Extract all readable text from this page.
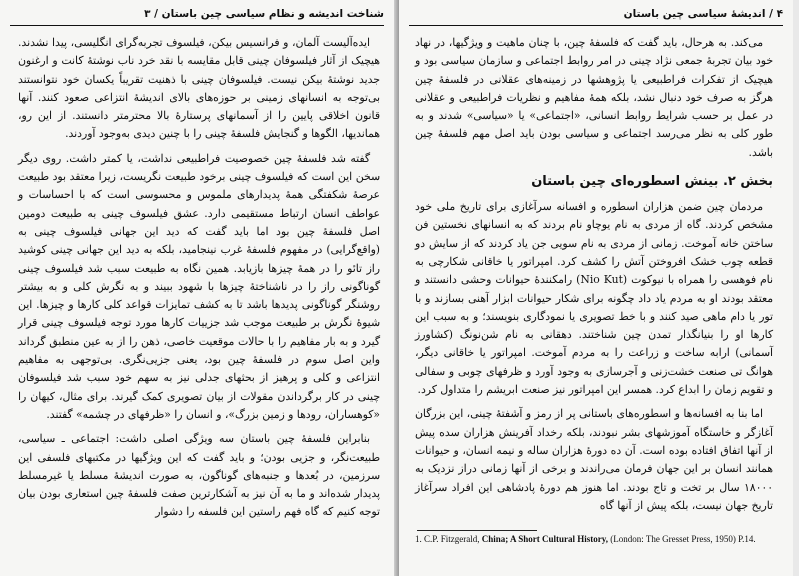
شناخت اندیشه و نظام سیاسی چین باستان / ۳

ایده‌آلیست آلمان، و فرانسیس بیکن، فیلسوف تجربه‌گرای انگلیسی، پیدا نشدند. هیچیک از آثار فیلسوفان چینی قابل مقایسه با نقد خرد ناب نوشتهٔ کانت و ارغنون جدید نوشتهٔ بیکن نیست. فیلسوفان چینی با ذهنیت تقریباً یکسان خود نتوانستند بی‌توجه به انسانهای زمینی بر حوزه‌های بالای اندیشهٔ انتزاعی صعود کنند. آنها قانون اخلاقی پایین را از آسمانهای پرستارهٔ بالا محترمتر دانستند. از این رو، هماندیها، الگوها و گنجایش فلسفهٔ چینی را با چنین دیدی به‌وجود آوردند.

گفته شد فلسفهٔ چین خصوصیت فراطبیعی نداشت، یا کمتر داشت. روی دیگر سخن این است که فیلسوف چینی برخود طبیعت نگریست، زیرا معتقد بود طبیعت عرصهٔ شکفتگی همهٔ پدیدارهای ملموس و محسوسی است که با احساسات و عواطف انسان ارتباط مستقیمی دارد. عشق فیلسوف چینی به طبیعت دومین اصل فلسفهٔ چین بود اما باید گفت که دید این جهانی فیلسوف چینی به (واقع‌گرایی) در مفهوم فلسفهٔ غرب نینجامید، بلکه به دید این جهانی چینی کوشید راز تائو را در همهٔ چیزها بازیابد. همین نگاه به طبیعت سبب شد فیلسوف چینی گوناگونی راز را در ناشناختهٔ چیزها با شهود ببیند و به نگرش کلی و به بیشتر روشنگر گوناگونی پدیدها باشد تا به کشف تمایزات قواعد کلی کارها و چیزها. این شیوهٔ نگرش بر طبیعت موجب شد جزییات کارها مورد توجه فیلسوف چینی قرار گیرد و به بار مفاهیم را با حالات موقعیت خاصی، ذهن را از به عین منطبق گرداند واین اصل سوم در فلسفهٔ چین بود، یعنی جزیی‌نگری. بی‌توجهی به مفاهیم انتزاعی و کلی و پرهیز از بحثهای جدلی نیز به سهم خود سبب شد فیلسوفان چینی در کار برگرداندن مقولات از بیان تصویری کمک گیرند. برای مثال، کیهان را «کوهساران، رودها و زمین بزرگ»، و انسان را «ظرفهای در چشمه» گفتند.

بنابراین فلسفهٔ چین باستان سه ویژگی اصلی داشت: اجتماعی ـ سیاسی، طبیعت‌نگر، و جزیی بودن؛ و باید گفت که این ویژگیها در مکتبهای فلسفی این سرزمین، در بُعدها و جنبه‌های گوناگون، به صورت اندیشهٔ مسلط یا غیرمسلط پدیدار شده‌اند و ما به آن نیز به آشکارترین صفت فلسفهٔ چین استعاری بودن بیان توجه کنیم که گاه فهم راستین این فلسفه را دشوار

۴ / اندیشهٔ سیاسی چین باستان

می‌کند. به هرحال، باید گفت که فلسفهٔ چین، با چنان ماهیت و ویژگیها، در نهاد خود بیان تجربهٔ جمعی نژاد چینی در امر روابط اجتماعی و سازمان سیاسی بود و هیچیک از تفکرات فراطبیعی یا پژوهشها در زمینه‌های عقلانی در فلسفهٔ چین هرگز به صرف خود دنبال نشد، بلکه همهٔ مفاهیم و نظریات فراطبیعی و عقلانی در عمل بر حسب شرایط روابط انسانی، «اجتماعی» یا «سیاسی» شدند و به طور کلی به نظر می‌رسد اجتماعی و سیاسی بودن باید اصل مهم فلسفهٔ چین باشد.

بخش ۲. بینش اسطوره‌ای چین باستان

مردمان چین ضمن هزاران اسطوره و افسانه سرآغازی برای تاریخ ملی خود مشخص کردند. گاه از مردی به نام یوچاو نام بردند که به انسانهای نخستین فن ساختن خانه آموخت. زمانی از مردی به نام سویی جن یاد کردند که از سایش دو قطعه چوب خشک افروختن آتش را کشف کرد. امپراتور یا خاقانی شکارچی به نام فوهسی را همراه با نیوکوت (Nio Kut) رامکنندهٔ حیوانات وحشی دانستند و معتقد بودند او به مردم یاد داد چگونه برای شکار حیوانات ابزار آهنی بسازند و با تور یا دام ماهی صید کنند و با خط تصویری یا نمودگاری بنویسند؛ و به سبب این کارها او را بنیانگذار تمدن چین شناختند. دهقانی به نام شن‌نونگ (کشاورز آسمانی) ارابه ساخت و زراعت را به مردم آموخت. امپراتور یا خاقانی دیگر، هوانگ تی صنعت خشت‌زنی و آجرسازی به وجود آورد و ظرفهای چوبی و سفالی و تقویم زمان را ابداع کرد. همسر این امپراتور نیز صنعت ابریشم را متداول کرد.

اما بنا به افسانه‌ها و اسطوره‌های باستانی پر از رمز و آشفتهٔ چینی، این بزرگان آغازگر و خاستگاه آموزشهای بشر نبودند، بلکه رخداد آفرینش هزاران سده پیش از آنها اتفاق افتاده بوده است. آن ده دورۀ هزاران ساله و نیمه انسان، و حیوانات همانند انسان بر این جهان فرمان می‌راندند و برخی از آنها زمانی دراز نزدیک به ۱۸۰۰۰ سال بر تخت و تاج بودند. اما هنوز هم دورهٔ پادشاهی این افراد سرآغاز تاریخ جهان نیست، بلکه پیش از آنها گاه

1. C.P. Fitzgerald, China; A Short Cultural History, (London: The Gresset Press, 1950) P.14.
